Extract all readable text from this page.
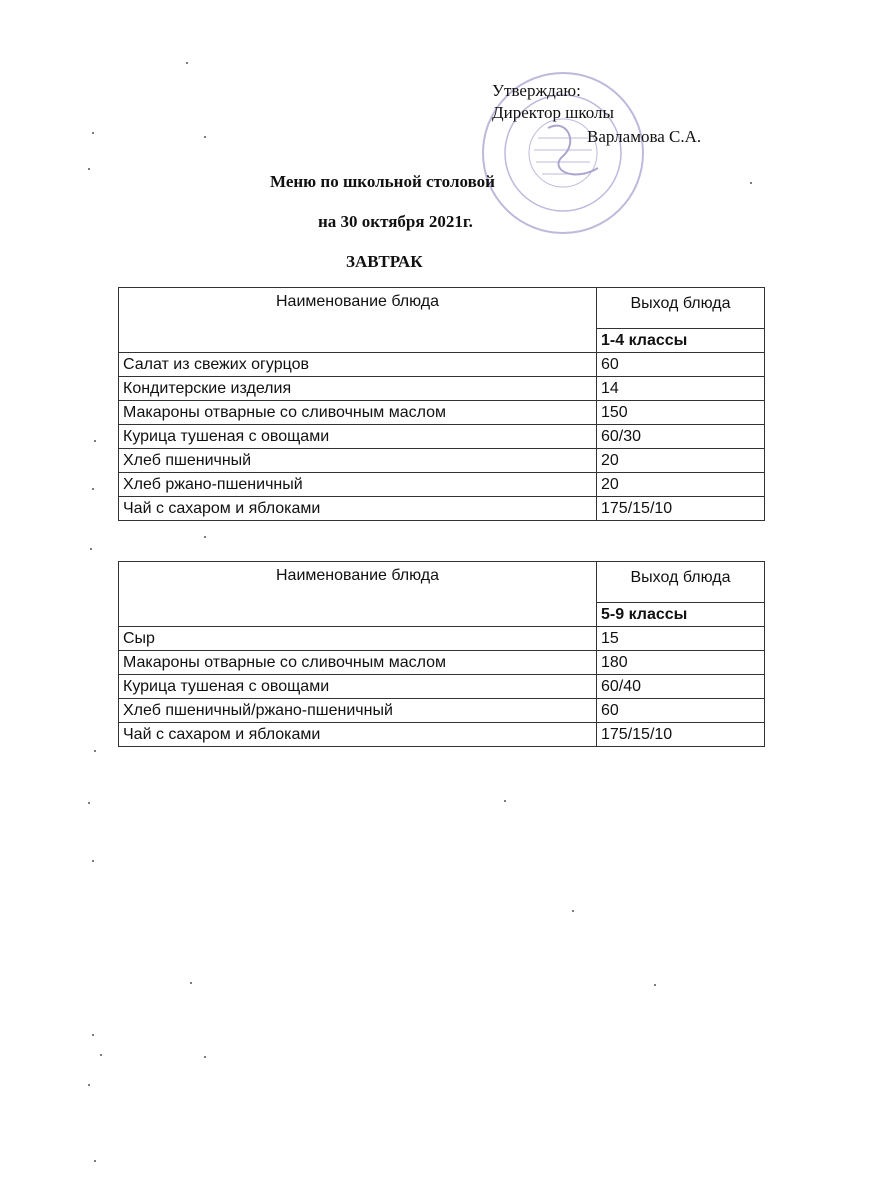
Утверждаю:
Директор школы
Варламова С.А.
Меню по школьной столовой
на 30 октября 2021г.
ЗАВТРАК
Наименование блюда	Выход блюда
	1-4 классы
Салат из свежих огурцов	60
Кондитерские изделия	14
Макароны отварные со сливочным маслом	150
Курица тушеная с овощами	60/30
Хлеб пшеничный	20
Хлеб ржано-пшеничный	20
Чай с сахаром и яблоками	175/15/10
Наименование блюда	Выход блюда
	5-9 классы
Сыр	15
Макароны отварные со сливочным маслом	180
Курица тушеная с овощами	60/40
Хлеб пшеничный/ржано-пшеничный	60
Чай с сахаром и яблоками	175/15/10
